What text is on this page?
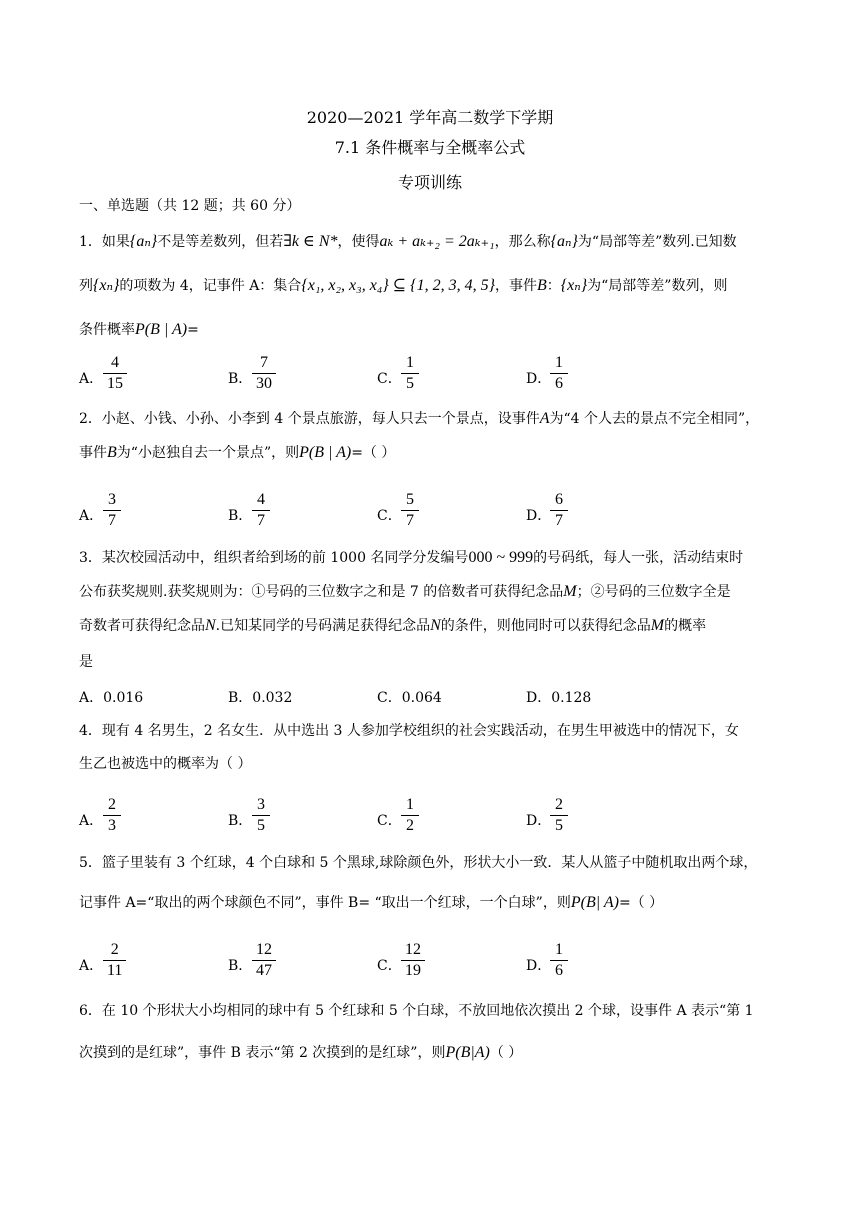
2020—2021 学年高二数学下学期
7.1 条件概率与全概率公式
专项训练
一、单选题（共 12 题；共 60 分）
1．如果{aₙ}不是等差数列，但若∃k ∈ N*，使得aₖ + aₖ₊₂ = 2aₖ₊₁，那么称{aₙ}为“局部等差”数列.已知数
列{xₙ}的项数为 4，记事件 A：集合{x₁, x₂, x₃, x₄} ⊆ {1, 2, 3, 4, 5}，事件B：{xₙ}为“局部等差”数列，则
条件概率P(B | A)=
A．
4
15	B．
7
30	C．
1
5	D．
1
6
2．小赵、小钱、小孙、小李到 4 个景点旅游，每人只去一个景点，设事件A为“4 个人去的景点不完全相同”，
事件B为“小赵独自去一个景点”，则P(B | A)=（ ）
A．
3
7	B．
4
7	C．
5
7	D．
6
7
3．某次校园活动中，组织者给到场的前 1000 名同学分发编号000 ~ 999的号码纸，每人一张，活动结束时
公布获奖规则.获奖规则为：①号码的三位数字之和是 7 的倍数者可获得纪念品M；②号码的三位数字全是
奇数者可获得纪念品N.已知某同学的号码满足获得纪念品N的条件，则他同时可以获得纪念品M的概率
是
A．0.016	B．0.032	C．0.064	D．0.128
4．现有 4 名男生，2 名女生．从中选出 3 人参加学校组织的社会实践活动，在男生甲被选中的情况下，女
生乙也被选中的概率为（ ）
A．
2
3	B．
3
5	C．
1
2	D．
2
5
5．篮子里装有 3 个红球，4 个白球和 5 个黑球,球除颜色外，形状大小一致．某人从篮子中随机取出两个球，
记事件 A=“取出的两个球颜色不同”，事件 B= “取出一个红球，一个白球”，则P(B| A)=（ ）
A．
2
11	B．
12
47	C．
12
19	D．
1
6
6．在 10 个形状大小均相同的球中有 5 个红球和 5 个白球，不放回地依次摸出 2 个球，设事件 A 表示“第 1
次摸到的是红球”，事件 B 表示“第 2 次摸到的是红球”，则P(B|A)（ ）
